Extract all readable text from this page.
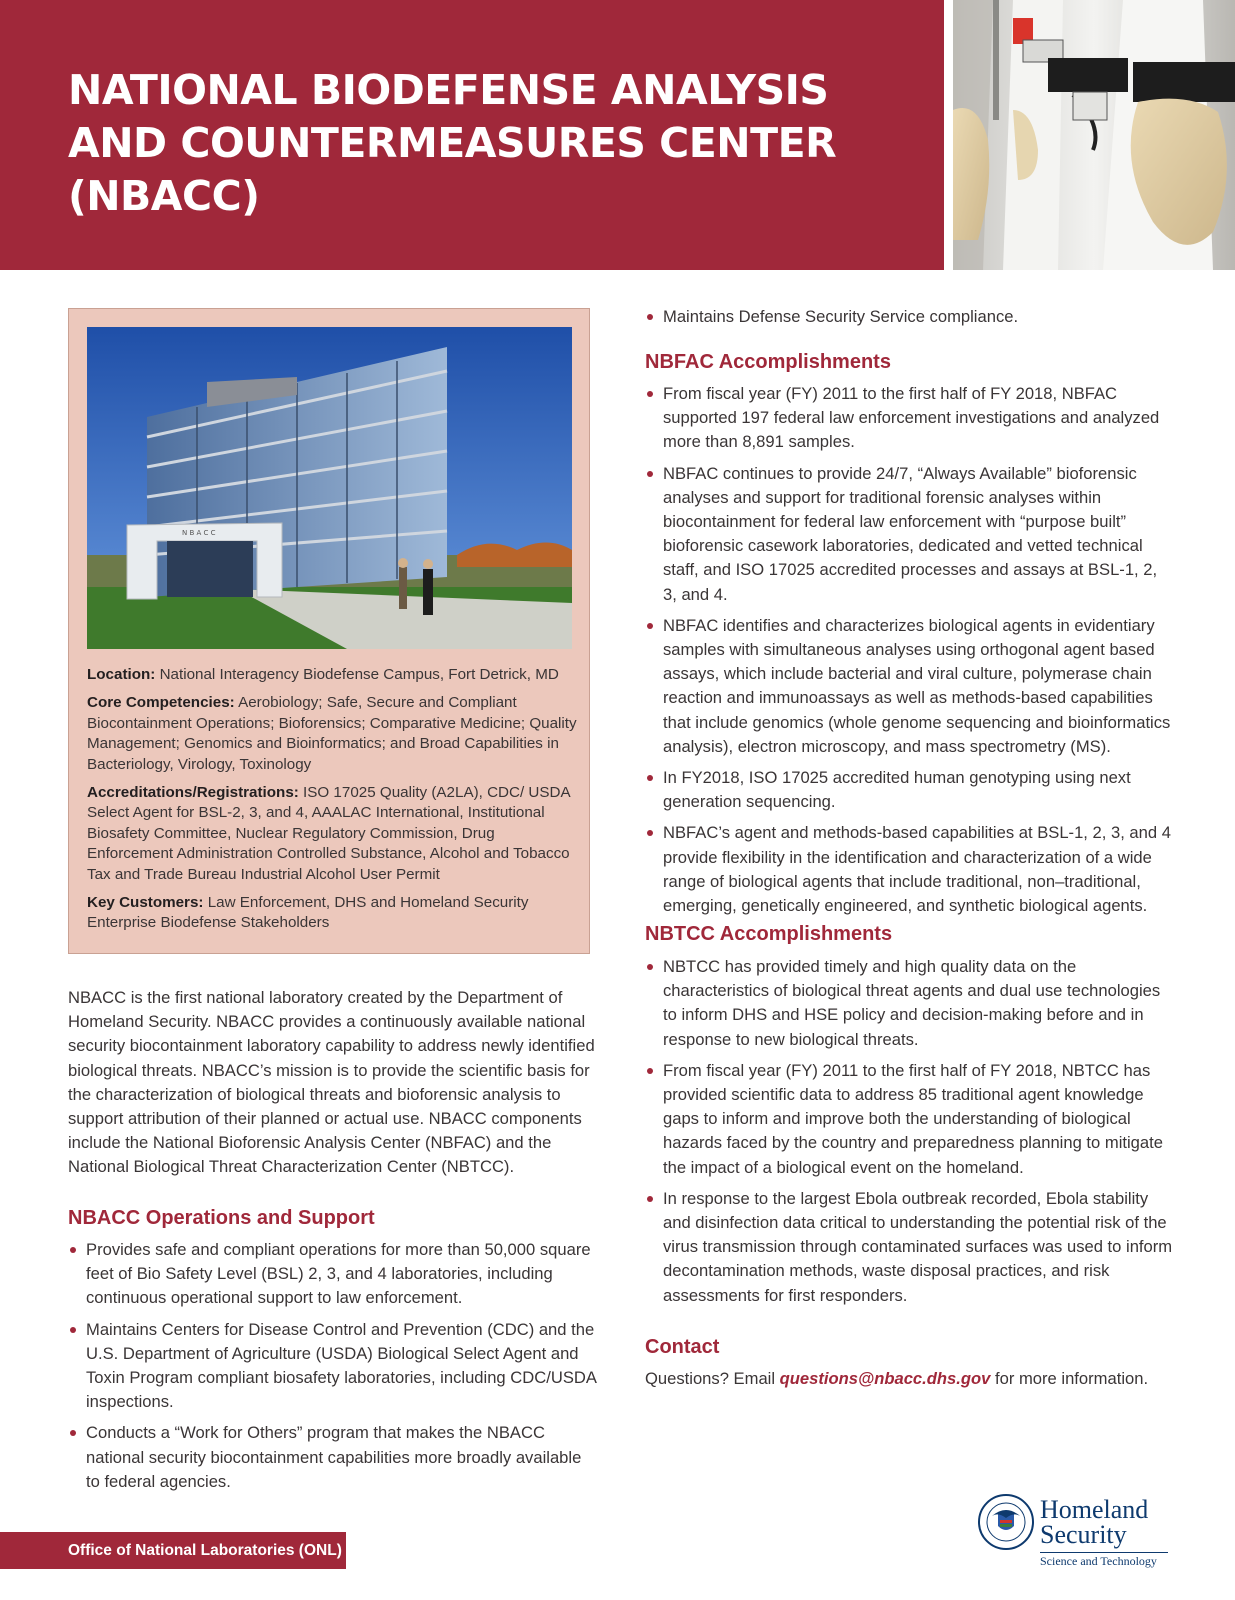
NATIONAL BIODEFENSE ANALYSIS AND COUNTERMEASURES CENTER (NBACC)
N B A C C

Location: National Interagency Biodefense Campus, Fort Detrick, MD

Core Competencies: Aerobiology; Safe, Secure and Compliant Biocontainment Operations; Bioforensics; Comparative Medicine; Quality Management; Genomics and Bioinformatics; and Broad Capabilities in Bacteriology, Virology, Toxinology

Accreditations/Registrations: ISO 17025 Quality (A2LA), CDC/ USDA Select Agent for BSL-2, 3, and 4, AAALAC International, Institutional Biosafety Committee, Nuclear Regulatory Commission, Drug Enforcement Administration Controlled Substance, Alcohol and Tobacco Tax and Trade Bureau Industrial Alcohol User Permit

Key Customers: Law Enforcement, DHS and Homeland Security Enterprise Biodefense Stakeholders

NBACC is the first national laboratory created by the Department of Homeland Security. NBACC provides a continuously available national security biocontainment laboratory capability to address newly identified biological threats. NBACC’s mission is to provide the scientific basis for the characterization of biological threats and bioforensic analysis to support attribution of their planned or actual use. NBACC components include the National Bioforensic Analysis Center (NBFAC) and the National Biological Threat Characterization Center (NBTCC).

NBACC Operations and Support
Provides safe and compliant operations for more than 50,000 square feet of Bio Safety Level (BSL) 2, 3, and 4 laboratories, including continuous operational support to law enforcement.
Maintains Centers for Disease Control and Prevention (CDC) and the U.S. Department of Agriculture (USDA) Biological Select Agent and Toxin Program compliant biosafety laboratories, including CDC/USDA inspections.
Conducts a “Work for Others” program that makes the NBACC national security biocontainment capabilities more broadly available to federal agencies.
Maintains Defense Security Service compliance.
NBFAC Accomplishments
From fiscal year (FY) 2011 to the first half of FY 2018, NBFAC supported 197 federal law enforcement investigations and analyzed more than 8,891 samples.
NBFAC continues to provide 24/7, “Always Available” bioforensic analyses and support for traditional forensic analyses within biocontainment for federal law enforcement with “purpose built” bioforensic casework laboratories, dedicated and vetted technical staff, and ISO 17025 accredited processes and assays at BSL-1, 2, 3, and 4.
NBFAC identifies and characterizes biological agents in evidentiary samples with simultaneous analyses using orthogonal agent based assays, which include bacterial and viral culture, polymerase chain reaction and immunoassays as well as methods-based capabilities that include genomics (whole genome sequencing and bioinformatics analysis), electron microscopy, and mass spectrometry (MS).
In FY2018, ISO 17025 accredited human genotyping using next generation sequencing.
NBFAC’s agent and methods-based capabilities at BSL-1, 2, 3, and 4 provide flexibility in the identification and characterization of a wide range of biological agents that include traditional, non–traditional, emerging, genetically engineered, and synthetic biological agents.
NBTCC Accomplishments
NBTCC has provided timely and high quality data on the characteristics of biological threat agents and dual use technologies to inform DHS and HSE policy and decision-making before and in response to new biological threats.
From fiscal year (FY) 2011 to the first half of FY 2018, NBTCC has provided scientific data to address 85 traditional agent knowledge gaps to inform and improve both the understanding of biological hazards faced by the country and preparedness planning to mitigate the impact of a biological event on the homeland.
In response to the largest Ebola outbreak recorded, Ebola stability and disinfection data critical to understanding the potential risk of the virus transmission through contaminated surfaces was used to inform decontamination methods, waste disposal practices, and risk assessments for first responders.
Contact

Questions? Email questions@nbacc.dhs.gov for more information.

Office of National Laboratories (ONL)
Homeland
Security
Science and Technology
